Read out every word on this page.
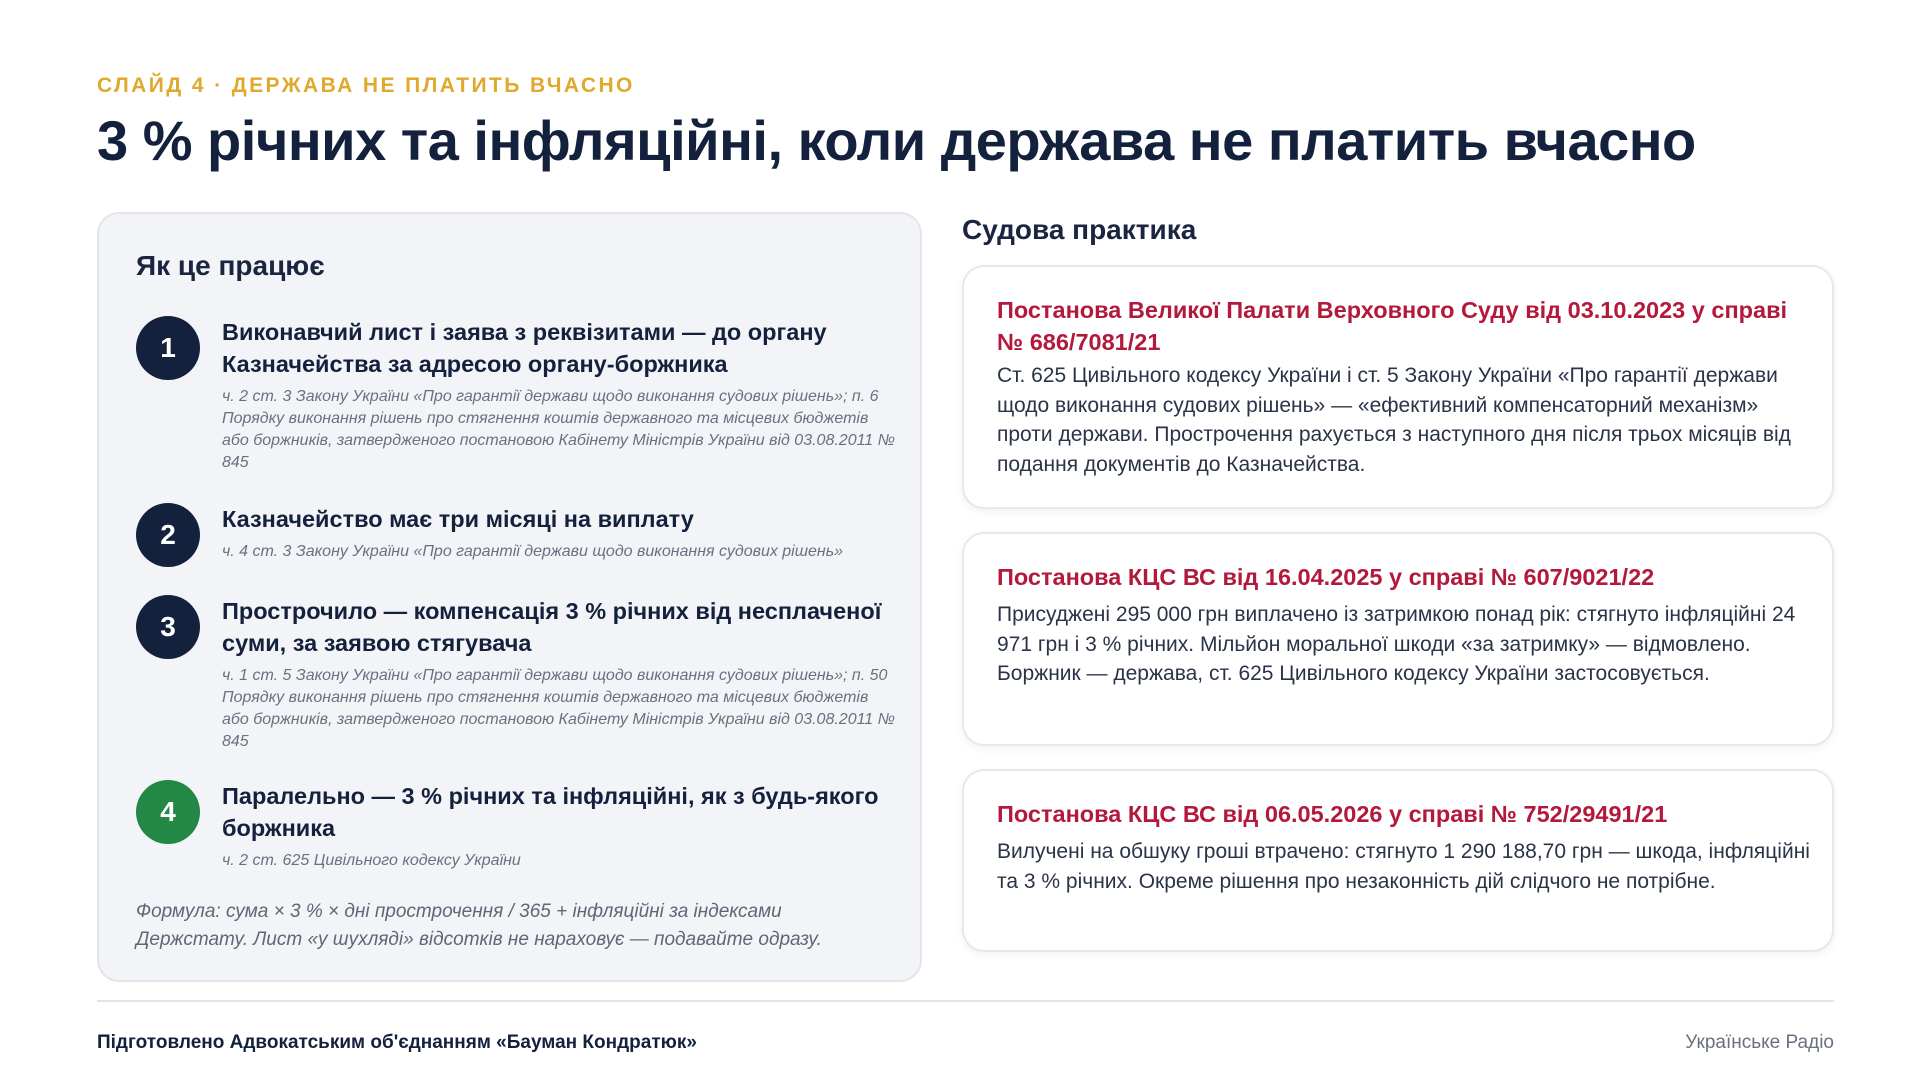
СЛАЙД 4 · ДЕРЖАВА НЕ ПЛАТИТЬ ВЧАСНО
3 % річних та інфляційні, коли держава не платить вчасно
Як це працює
1	Виконавчий лист і заява з реквізитами — до органу Казначейства за адресою органу-боржника
ч. 2 ст. 3 Закону України «Про гарантії держави щодо виконання судових рішень»; п. 6 Порядку виконання рішень про стягнення коштів державного та місцевих бюджетів або боржників, затвердженого постановою Кабінету Міністрів України від 03.08.2011 № 845
2	Казначейство має три місяці на виплату
ч. 4 ст. 3 Закону України «Про гарантії держави щодо виконання судових рішень»
3	Прострочило — компенсація 3 % річних від несплаченої суми, за заявою стягувача
ч. 1 ст. 5 Закону України «Про гарантії держави щодо виконання судових рішень»; п. 50 Порядку виконання рішень про стягнення коштів державного та місцевих бюджетів або боржників, затвердженого постановою Кабінету Міністрів України від 03.08.2011 № 845
4	Паралельно — 3 % річних та інфляційні, як з будь-якого боржника
ч. 2 ст. 625 Цивільного кодексу України
Формула: сума × 3 % × дні прострочення / 365 + інфляційні за індексами Держстату. Лист «у шухляді» відсотків не нараховує — подавайте одразу.
Судова практика
Постанова Великої Палати Верховного Суду від 03.10.2023 у справі № 686/7081/21
Ст. 625 Цивільного кодексу України і ст. 5 Закону України «Про гарантії держави щодо виконання судових рішень» — «ефективний компенсаторний механізм» проти держави. Прострочення рахується з наступного дня після трьох місяців від подання документів до Казначейства.
Постанова КЦС ВС від 16.04.2025 у справі № 607/9021/22
Присуджені 295 000 грн виплачено із затримкою понад рік: стягнуто інфляційні 24 971 грн і 3 % річних. Мільйон моральної шкоди «за затримку» — відмовлено. Боржник — держава, ст. 625 Цивільного кодексу України застосовується.
Постанова КЦС ВС від 06.05.2026 у справі № 752/29491/21
Вилучені на обшуку гроші втрачено: стягнуто 1 290 188,70 грн — шкода, інфляційні та 3 % річних. Окреме рішення про незаконність дій слідчого не потрібне.
Підготовлено Адвокатським об'єднанням «Бауман Кондратюк»	Українське Радіо
